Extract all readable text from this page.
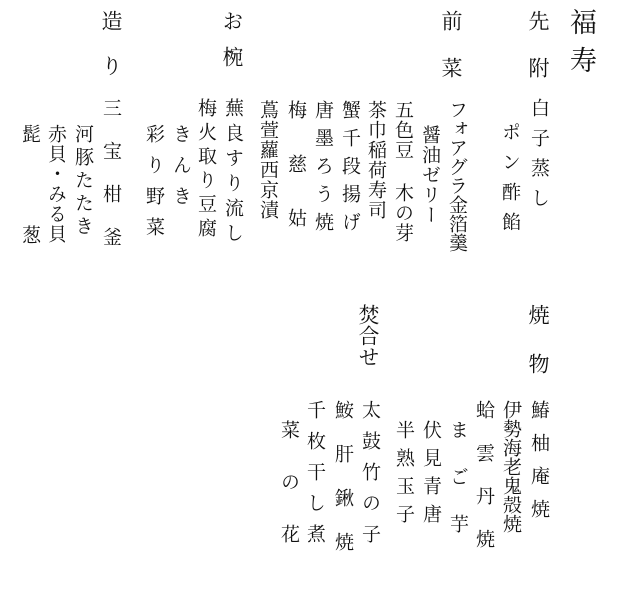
福寿
先附
白子蒸し
ポン酢餡
前菜
フォアグラ金箔羹
醤油ゼリー
五色豆 木の芽
茶巾稲荷寿司
蟹千段揚げ
唐墨ろう焼
梅慈姑
蔦萱蘿西京漬
お椀
蕪良すり流し
梅火取り豆腐
きんき
彩り野菜
造り
三宝柑釜
河豚たたき
赤貝・みる貝
髭葱
焼物
鰆柚庵焼
伊勢海老鬼殻焼
蛤雲丹焼
まご芋
伏見青唐
半熟玉子
焚合せ
太鼓竹の子
鮟肝鍬焼
千枚干し煮
菜の花
